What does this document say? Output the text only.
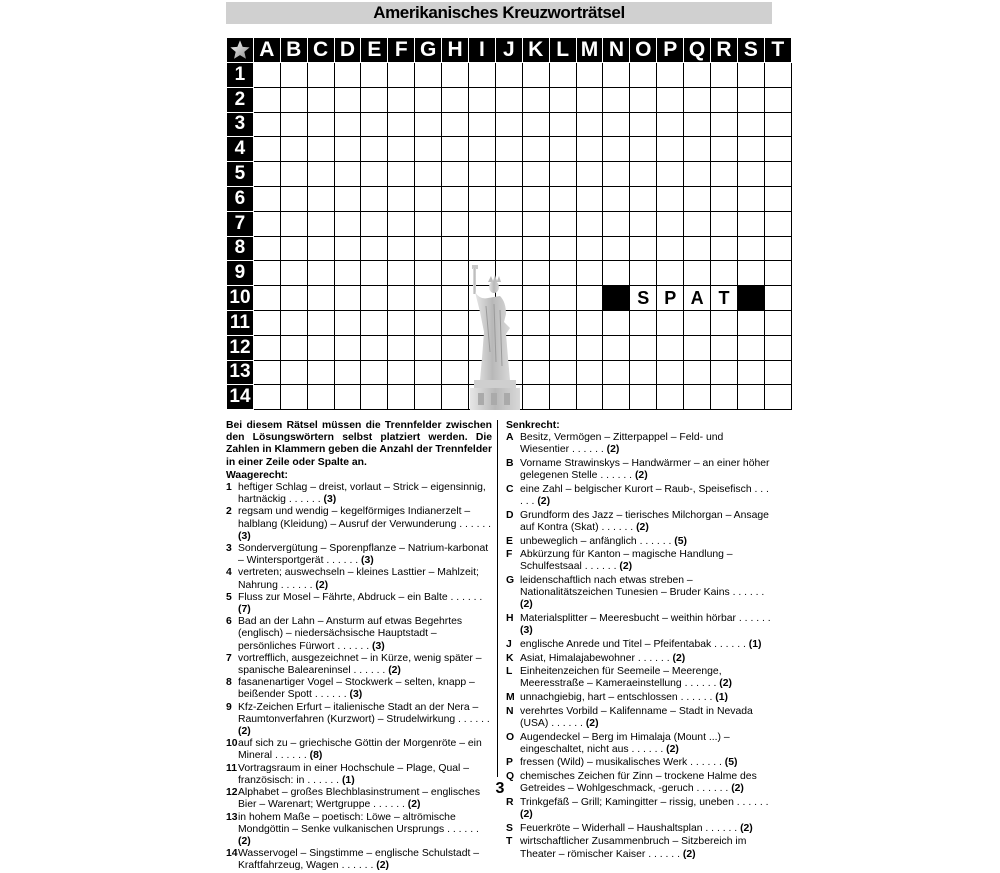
Amerikanisches Kreuzworträtsel
	A	B	C	D	E	F	G	H	I	J	K	L	M	N	O	P	Q	R	S	T
1																				
2																				
3																				
4																				
5																				
6																				
7																				
8																				
9																				
10															S	P	A	T		
11																				
12																				
13																				
14																				

Bei diesem Rätsel müssen die Trennfelder zwischen den Lösungswörtern selbst platziert werden. Die Zahlen in Klammern geben die Anzahl der Trennfelder in einer Zeile oder Spalte an.

Waagerecht:

1 heftiger Schlag – dreist, vorlaut – Strick – eigensinnig, hartnäckig . . . . . . (3)
2 regsam und wendig – kegelförmiges Indianerzelt – halblang (Kleidung) – Ausruf der Verwunderung . . . . . . (3)
3 Sondervergütung – Sporenpflanze – Natrium-karbonat – Wintersportgerät . . . . . . (3)
4 vertreten; auswechseln – kleines Lasttier – Mahlzeit; Nahrung . . . . . . (2)
5 Fluss zur Mosel – Fährte, Abdruck – ein Balte . . . . . . (7)
6 Bad an der Lahn – Ansturm auf etwas Begehrtes (englisch) – niedersächsische Hauptstadt – persönliches Fürwort . . . . . . (3)
7 vortrefflich, ausgezeichnet – in Kürze, wenig später – spanische Baleareninsel . . . . . . (2)
8 fasanenartiger Vogel – Stockwerk – selten, knapp – beißender Spott . . . . . . (3)
9 Kfz-Zeichen Erfurt – italienische Stadt an der Nera – Raumtonverfahren (Kurzwort) – Strudelwirkung . . . . . . (2)
10 auf sich zu – griechische Göttin der Morgenröte – ein Mineral . . . . . . (8)
11 Vortragsraum in einer Hochschule – Plage, Qual – französisch: in . . . . . . (1)
12 Alphabet – großes Blechblasinstrument – englisches Bier – Warenart; Wertgruppe . . . . . . (2)
13 in hohem Maße – poetisch: Löwe – altrömische Mondgöttin – Senke vulkanischen Ursprungs . . . . . . (2)
14 Wasservogel – Singstimme – englische Schulstadt – Kraftfahrzeug, Wagen . . . . . . (2)

Senkrecht:

A Besitz, Vermögen – Zitterpappel – Feld- und Wiesentier . . . . . . (2)
B Vorname Strawinskys – Handwärmer – an einer höher gelegenen Stelle . . . . . . (2)
C eine Zahl – belgischer Kurort – Raub-, Speisefisch . . . . . . (2)
D Grundform des Jazz – tierisches Milchorgan – Ansage auf Kontra (Skat) . . . . . . (2)
E unbeweglich – anfänglich . . . . . . (5)
F Abkürzung für Kanton – magische Handlung – Schulfestsaal . . . . . . (2)
G leidenschaftlich nach etwas streben – Nationalitätszeichen Tunesien – Bruder Kains . . . . . . (2)
H Materialsplitter – Meeresbucht – weithin hörbar . . . . . . (3)
J englische Anrede und Titel – Pfeifentabak . . . . . . (1)
K Asiat, Himalajabewohner . . . . . . (2)
L Einheitenzeichen für Seemeile – Meerenge, Meeresstraße – Kameraeinstellung . . . . . . (2)
M unnachgiebig, hart – entschlossen . . . . . . (1)
N verehrtes Vorbild – Kalifenname – Stadt in Nevada (USA) . . . . . . (2)
O Augendeckel – Berg im Himalaja (Mount ...) – eingeschaltet, nicht aus . . . . . . (2)
P fressen (Wild) – musikalisches Werk . . . . . . (5)
Q chemisches Zeichen für Zinn – trockene Halme des Getreides – Wohlgeschmack, -geruch . . . . . . (2)
R Trinkgefäß – Grill; Kamingitter – rissig, uneben . . . . . . (2)
S Feuerkröte – Widerhall – Haushaltsplan . . . . . . (2)
T wirtschaftlicher Zusammenbruch – Sitzbereich im Theater – römischer Kaiser . . . . . . (2)
3
